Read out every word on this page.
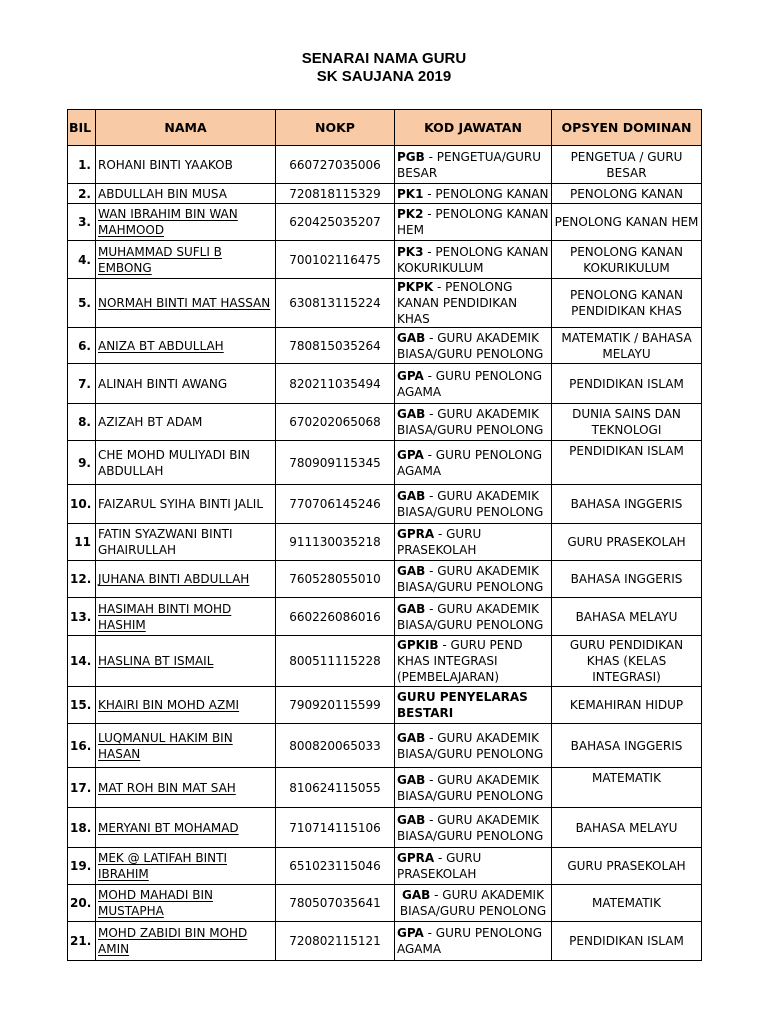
SENARAI NAMA GURU
SK SAUJANA 2019
BIL	NAMA	NOKP	KOD JAWATAN	OPSYEN DOMINAN
1.	ROHANI BINTI YAAKOB	660727035006	PGB - PENGETUA/GURU BESAR	PENGETUA / GURU BESAR
2.	ABDULLAH BIN MUSA	720818115329	PK1 - PENOLONG KANAN	PENOLONG KANAN
3.	WAN IBRAHIM BIN WAN MAHMOOD	620425035207	PK2 - PENOLONG KANAN HEM	PENOLONG KANAN HEM
4.	MUHAMMAD SUFLI B EMBONG	700102116475	PK3 - PENOLONG KANAN KOKURIKULUM	PENOLONG KANAN KOKURIKULUM
5.	NORMAH BINTI MAT HASSAN	630813115224	PKPK - PENOLONG KANAN PENDIDIKAN KHAS	PENOLONG KANAN PENDIDIKAN KHAS
6.	ANIZA BT ABDULLAH	780815035264	GAB - GURU AKADEMIK BIASA/GURU PENOLONG	MATEMATIK / BAHASA MELAYU
7.	ALINAH BINTI AWANG	820211035494	GPA - GURU PENOLONG AGAMA	PENDIDIKAN ISLAM
8.	AZIZAH BT ADAM	670202065068	GAB - GURU AKADEMIK BIASA/GURU PENOLONG	DUNIA SAINS DAN TEKNOLOGI
9.	CHE MOHD MULIYADI BIN ABDULLAH	780909115345	GPA - GURU PENOLONG AGAMA	PENDIDIKAN ISLAM
10.	FAIZARUL SYIHA BINTI JALIL	770706145246	GAB - GURU AKADEMIK BIASA/GURU PENOLONG	BAHASA INGGERIS
11	FATIN SYAZWANI BINTI GHAIRULLAH	911130035218	GPRA - GURU PRASEKOLAH	GURU PRASEKOLAH
12.	JUHANA BINTI ABDULLAH	760528055010	GAB - GURU AKADEMIK BIASA/GURU PENOLONG	BAHASA INGGERIS
13.	HASIMAH BINTI MOHD HASHIM	660226086016	GAB - GURU AKADEMIK BIASA/GURU PENOLONG	BAHASA MELAYU
14.	HASLINA BT ISMAIL	800511115228	GPKIB - GURU PEND KHAS INTEGRASI (PEMBELAJARAN)	GURU PENDIDIKAN KHAS (KELAS INTEGRASI)
15.	KHAIRI BIN MOHD AZMI	790920115599	GURU PENYELARAS BESTARI	KEMAHIRAN HIDUP
16.	LUQMANUL HAKIM BIN HASAN	800820065033	GAB - GURU AKADEMIK BIASA/GURU PENOLONG	BAHASA INGGERIS
17.	MAT ROH BIN MAT SAH	810624115055	GAB - GURU AKADEMIK BIASA/GURU PENOLONG	MATEMATIK
18.	MERYANI BT MOHAMAD	710714115106	GAB - GURU AKADEMIK BIASA/GURU PENOLONG	BAHASA MELAYU
19.	MEK @ LATIFAH BINTI IBRAHIM	651023115046	GPRA - GURU PRASEKOLAH	GURU PRASEKOLAH
20.	MOHD MAHADI BIN MUSTAPHA	780507035641	GAB - GURU AKADEMIK BIASA/GURU PENOLONG	MATEMATIK
21.	MOHD ZABIDI BIN MOHD AMIN	720802115121	GPA - GURU PENOLONG AGAMA	PENDIDIKAN ISLAM
